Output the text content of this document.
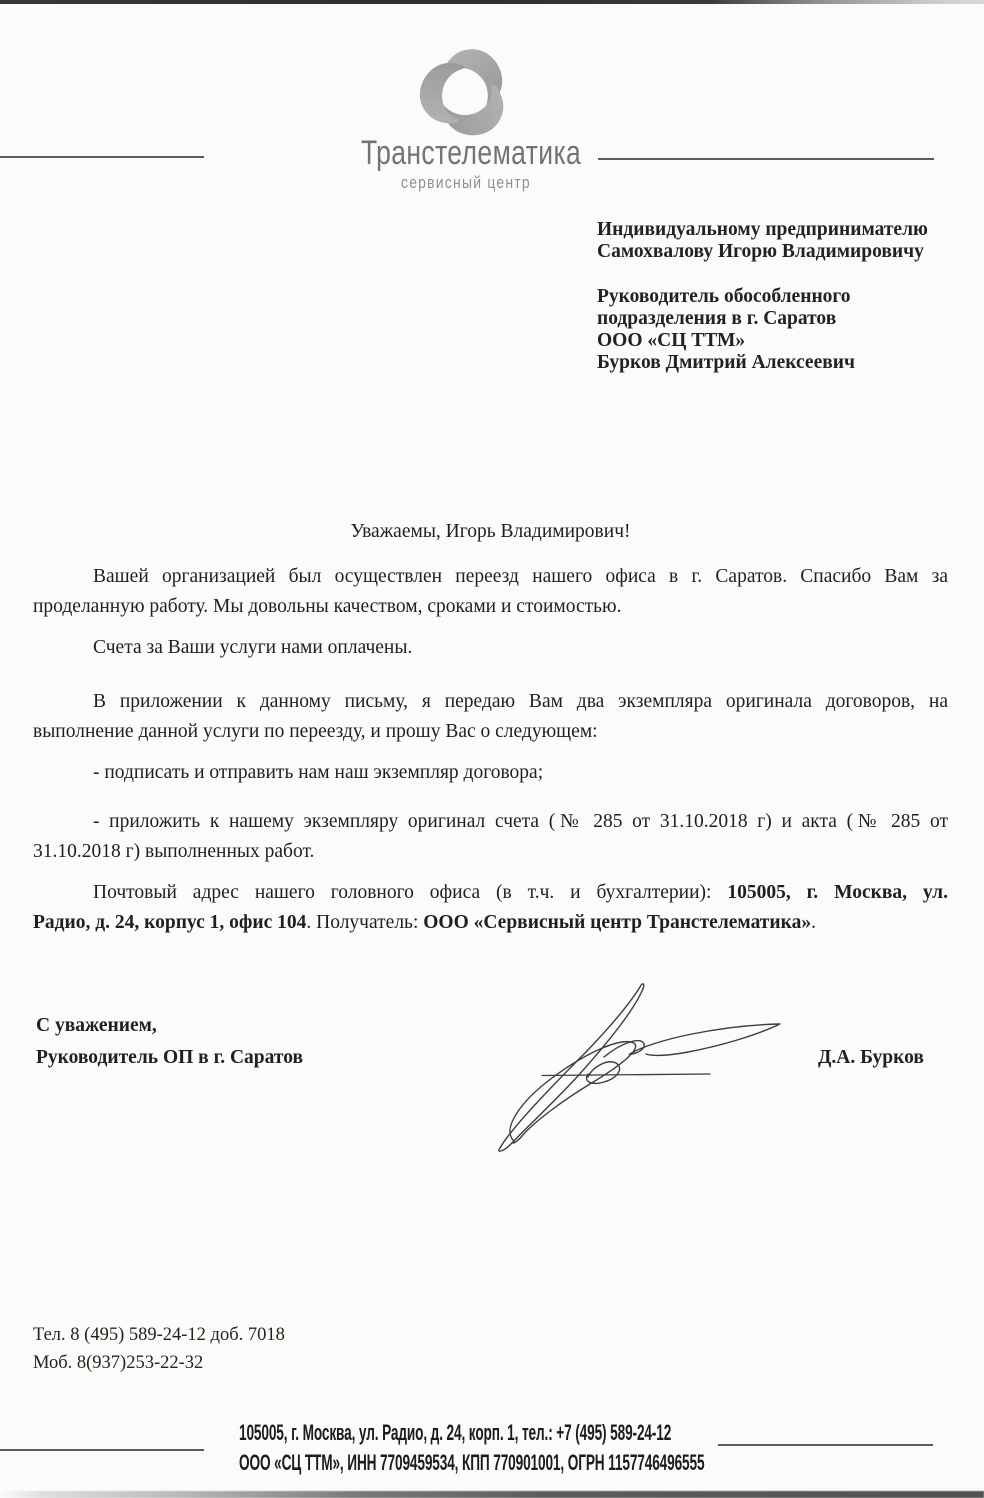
Транстелематика
сервисный центр
Индивидуальному предпринимателю
Самохвалову Игорю Владимировичу
Руководитель обособленного
подразделения в г. Саратов
ООО «СЦ ТТМ»
Бурков Дмитрий Алексеевич
Уважаемы, Игорь Владимирович!
Вашей организацией был осуществлен переезд нашего офиса в г. Саратов. Спасибо Вам за
проделанную работу. Мы довольны качеством, сроками и стоимостью.
Счета за Ваши услуги нами оплачены.
В приложении к данному письму, я передаю Вам два экземпляра оригинала договоров, на
выполнение данной услуги по переезду, и прошу Вас о следующем:
- подписать и отправить нам наш экземпляр договора;
- приложить к нашему экземпляру оригинал счета (№ 285 от 31.10.2018 г) и акта (№ 285 от
31.10.2018 г) выполненных работ.
Почтовый адрес нашего головного офиса (в т.ч. и бухгалтерии): 105005, г. Москва, ул.
Радио, д. 24, корпус 1, офис 104. Получатель: ООО «Сервисный центр Транстелематика».
С уважением,
Руководитель ОП в г. Саратов	Д.А. Бурков
Тел. 8 (495) 589-24-12 доб. 7018
Моб. 8(937)253-22-32
105005, г. Москва, ул. Радио, д. 24, корп. 1, тел.: +7 (495) 589-24-12
ООО «СЦ ТТМ», ИНН 7709459534, КПП 770901001, ОГРН 1157746496555
